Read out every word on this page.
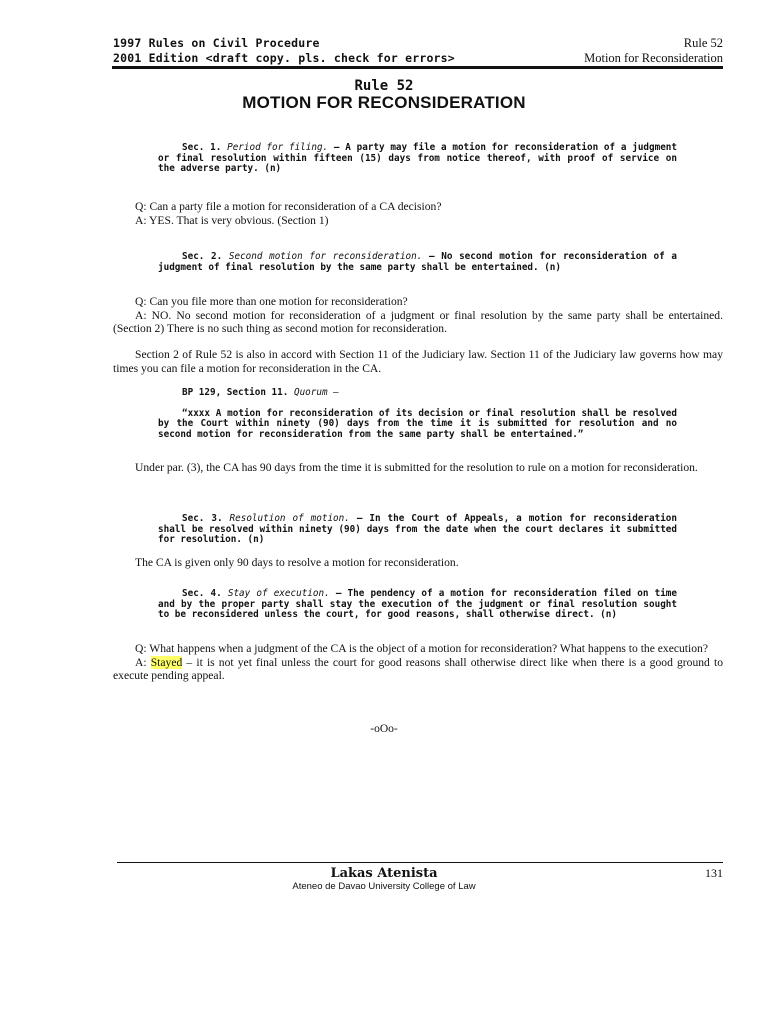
1997 Rules on Civil Procedure
2001 Edition <draft copy. pls. check for errors>
Rule 52
Motion for Reconsideration
Rule 52
MOTION FOR RECONSIDERATION
Sec. 1. Period for filing. – A party may file a motion for reconsideration of a judgment or final resolution within fifteen (15) days from notice thereof, with proof of service on the adverse party. (n)
Q: Can a party file a motion for reconsideration of a CA decision?
A: YES. That is very obvious. (Section 1)
Sec. 2. Second motion for reconsideration. – No second motion for reconsideration of a judgment of final resolution by the same party shall be entertained. (n)
Q: Can you file more than one motion for reconsideration?
A: NO. No second motion for reconsideration of a judgment or final resolution by the same party shall be entertained. (Section 2) There is no such thing as second motion for reconsideration.
Section 2 of Rule 52 is also in accord with Section 11 of the Judiciary law. Section 11 of the Judiciary law governs how may times you can file a motion for reconsideration in the CA.
BP 129, Section 11. Quorum –
“xxxx A motion for reconsideration of its decision or final resolution shall be resolved by the Court within ninety (90) days from the time it is submitted for resolution and no second motion for reconsideration from the same party shall be entertained.”
Under par. (3), the CA has 90 days from the time it is submitted for the resolution to rule on a motion for reconsideration.
Sec. 3. Resolution of motion. – In the Court of Appeals, a motion for reconsideration shall be resolved within ninety (90) days from the date when the court declares it submitted for resolution. (n)
The CA is given only 90 days to resolve a motion for reconsideration.
Sec. 4. Stay of execution. – The pendency of a motion for reconsideration filed on time and by the proper party shall stay the execution of the judgment or final resolution sought to be reconsidered unless the court, for good reasons, shall otherwise direct. (n)
Q: What happens when a judgment of the CA is the object of a motion for reconsideration? What happens to the execution?
A: Stayed – it is not yet final unless the court for good reasons shall otherwise direct like when there is a good ground to execute pending appeal.
-oOo-
Lakas Atenista
Ateneo de Davao University College of Law
131
